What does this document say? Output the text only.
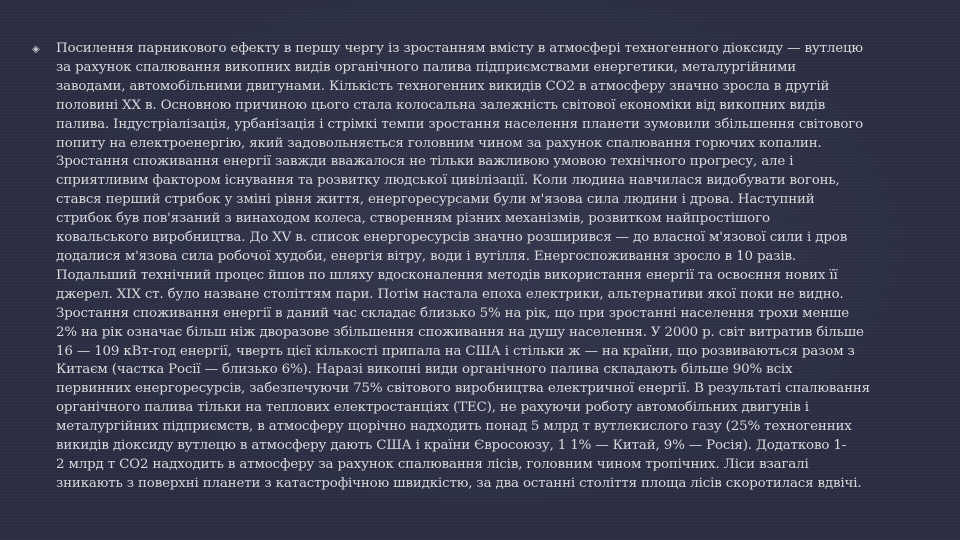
◈	Посилення парникового ефекту в першу чергу із зростанням вмісту в атмосфері техногенного діоксиду — вутлецю
за рахунок спалювання викопних видів органічного палива підприємствами енергетики, металургійними
заводами, автомобільними двигунами. Кількість техногенних викидів СО2 в атмосферу значно зросла в другій
половині XX в. Основною причиною цього стала колосальна залежність світової економіки від викопних видів
палива. Індустріалізація, урбанізація і стрімкі темпи зростання населення планети зумовили збільшення світового
попиту на електроенергію, який задовольняється головним чином за рахунок спалювання горючих копалин.
Зростання споживання енергії завжди вважалося не тільки важливою умовою технічного прогресу, але і
сприятливим фактором існування та розвитку людської цивілізації. Коли людина навчилася видобувати вогонь,
стався перший стрибок у зміні рівня життя, енергоресурсами були м'язова сила людини і дрова. Наступний
стрибок був пов'язаний з винаходом колеса, створенням різних механізмів, розвитком найпростішого
ковальського виробництва. До XV в. список енергоресурсів значно розширився — до власної м'язової сили і дров
додалися м'язова сила робочої худоби, енергія вітру, води і вугілля. Енергоспоживання зросло в 10 разів.
Подальший технічний процес йшов по шляху вдосконалення методів використання енергії та освоєння нових її
джерел. XIX ст. було назване століттям пари. Потім настала епоха електрики, альтернативи якої поки не видно.
Зростання споживання енергії в даний час складає близько 5% на рік, що при зростанні населення трохи менше
2% на рік означає більш ніж дворазове збільшення споживання на душу населення. У 2000 р. світ витратив більше
16 — 109 кВт-год енергії, чверть цієї кількості припала на США і стільки ж — на країни, що розвиваються разом з
Китаєм (частка Росії — близько 6%). Наразі викопні види органічного палива складають більше 90% всіх
первинних енергоресурсів, забезпечуючи 75% світового виробництва електричної енергії. В результаті спалювання
органічного палива тільки на теплових електростанціях (ТЕС), не рахуючи роботу автомобільних двигунів і
металургійних підприємств, в атмосферу щорічно надходить понад 5 млрд т вутлекислого газу (25% техногенних
викидів діоксиду вутлецю в атмосферу дають США і країни Євросоюзу, 1 1% — Китай, 9% — Росія). Додатково 1-
2 млрд т СО2 надходить в атмосферу за рахунок спалювання лісів, головним чином тропічних. Ліси взагалі
зникають з поверхні планети з катастрофічною швидкістю, за два останні століття площа лісів скоротилася вдвічі.
